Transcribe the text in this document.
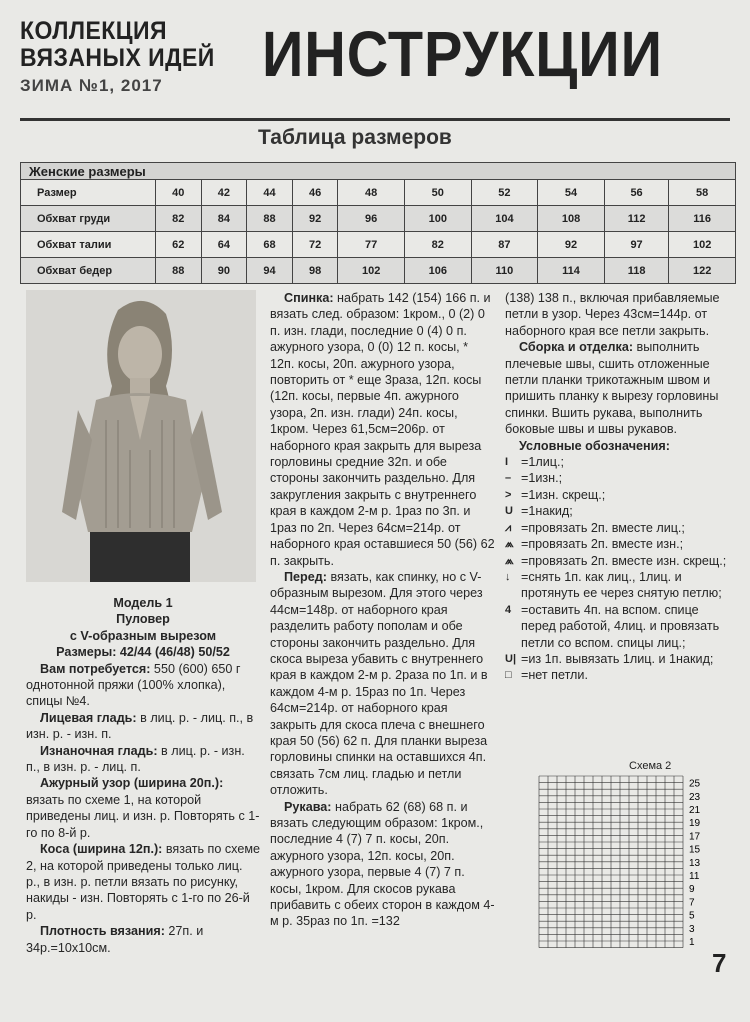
КОЛЛЕКЦИЯ
ВЯЗАНЫХ ИДЕЙ
ЗИМА №1, 2017	ИНСТРУКЦИИ
Таблица размеров
Женские размеры										
Размер	40	42	44	46	48	50	52	54	56	58
Обхват груди	82	84	88	92	96	100	104	108	112	116
Обхват талии	62	64	68	72	77	82	87	92	97	102
Обхват бедер	88	90	94	98	102	106	110	114	118	122

Модель 1

Пуловер

с V-образным вырезом

Размеры: 42/44 (46/48) 50/52

Вам потребуется: 550 (600) 650 г однотонной пряжи (100% хлопка), спицы №4.

Лицевая гладь: в лиц. р. - лиц. п., в изн. р. - изн. п.

Изнаночная гладь: в лиц. р. - изн. п., в изн. р. - лиц. п.

Ажурный узор (ширина 20п.): вязать по схеме 1, на которой приведены лиц. и изн. р. Повторять с 1-го по 8-й р.

Коса (ширина 12п.): вязать по схеме 2, на которой приведены только лиц. р., в изн. р. петли вязать по рисунку, накиды - изн. Повторять с 1-го по 26-й р.

Плотность вязания: 27п. и 34р.=10х10см.

Спинка: набрать 142 (154) 166 п. и вязать след. образом: 1кром., 0 (2) 0 п. изн. глади, последние 0 (4) 0 п. ажурного узора, 0 (0) 12 п. косы, * 12п. косы, 20п. ажурного узора, повторить от * еще 3раза, 12п. косы (12п. косы, первые 4п. ажурного узора, 2п. изн. глади) 24п. косы, 1кром. Через 61,5см=206р. от наборного края закрыть для выреза горловины средние 32п. и обе стороны закончить раздельно. Для закругления закрыть с внутреннего края в каждом 2-м р. 1раз по 3п. и 1раз по 2п. Через 64см=214р. от наборного края оставшиеся 50 (56) 62 п. закрыть.

Перед: вязать, как спинку, но с V-образным вырезом. Для этого через 44см=148р. от наборного края разделить работу пополам и обе стороны закончить раздельно. Для скоса выреза убавить с внутреннего края в каждом 2-м р. 2раза по 1п. и в каждом 4-м р. 15раз по 1п. Через 64см=214р. от наборного края закрыть для скоса плеча с внешнего края 50 (56) 62 п. Для планки выреза горловины спинки на оставшихся 4п. связать 7см лиц. гладью и петли отложить.

Рукава: набрать 62 (68) 68 п. и вязать следующим образом: 1кром., последние 4 (7) 7 п. косы, 20п. ажурного узора, 12п. косы, 20п. ажурного узора, первые 4 (7) 7 п. косы, 1кром. Для скосов рукава прибавить с обеих сторон в каждом 4-м р. 35раз по 1п. =132

(138) 138 п., включая прибавляемые петли в узор. Через 43см=144р. от наборного края все петли закрыть.

Сборка и отделка: выполнить плечевые швы, сшить отложенные петли планки трикотажным швом и пришить планку к вырезу горловины спинки. Вшить рукава, выполнить боковые швы и швы рукавов.

Условные обозначения:

I	=1лиц.;
– =1изн.;
> =1изн. скрещ.;
U =1накид;
⩘ =провязать 2п. вместе лиц.;
⩕ =провязать 2п. вместе изн.;
⩕ =провязать 2п. вместе изн. скрещ.;
↓ =снять 1п. как лиц., 1лиц. и протянуть ее через снятую петлю;
4 =оставить 4п. на вспом. спице перед работой, 4лиц. и провязать петли со вспом. спицы лиц.;
U| =из 1п. вывязать 1лиц. и 1накид;
□ =нет петли.
Схема 2
25
23
21
19
17
15
13
11
9
7
5
3
1
7
